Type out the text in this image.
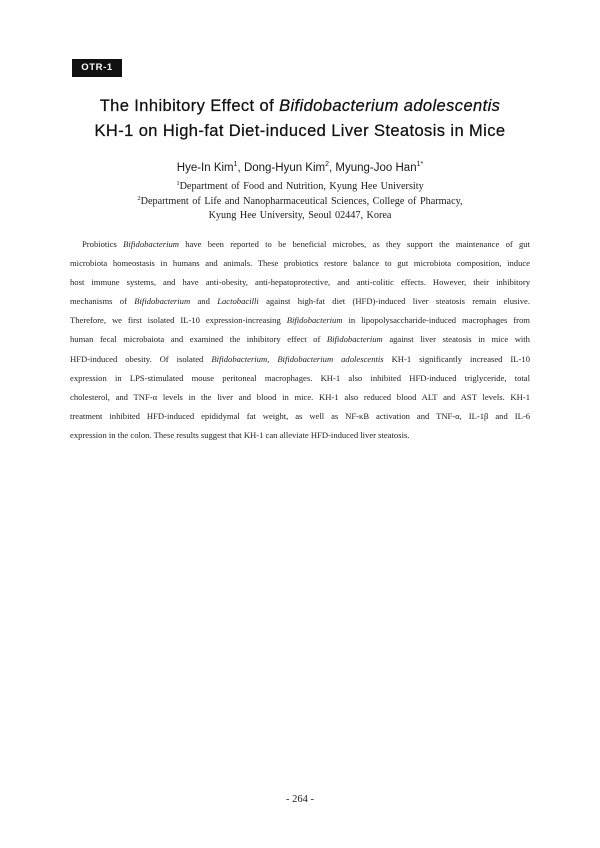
OTR-1
The Inhibitory Effect of Bifidobacterium adolescentis
KH-1 on High-fat Diet-induced Liver Steatosis in Mice
Hye-In Kim$^1$, Dong-Hyun Kim$^2$, Myung-Joo Han$^{1*}$
$^1$Department of Food and Nutrition, Kyung Hee University
$^2$Department of Life and Nanopharmaceutical Sciences, College of Pharmacy,
Kyung Hee University, Seoul 02447, Korea
Probiotics Bifidobacterium have been reported to be beneficial microbes, as they support the maintenance of gut
microbiota homeostasis in humans and animals. These probiotics restore balance to gut microbiota composition, induce
host immune systems, and have anti-obesity, anti-hepatoprotective, and anti-colitic effects. However, their inhibitory
mechanisms of Bifidobacterium and Lactobacilli against high-fat diet (HFD)-induced liver steatosis remain elusive.
Therefore, we first isolated IL-10 expression-increasing Bifidobacterium in lipopolysaccharide-induced macrophages from
human fecal microbaiota and examined the inhibitory effect of Bifidobacterium against liver steatosis in mice with
HFD-induced obesity. Of isolated Bifidobacterium, Bifidobacterium adolescentis KH-1 significantly increased IL-10
expression in LPS-stimulated mouse peritoneal macrophages. KH-1 also inhibited HFD-induced triglyceride, total
cholesterol, and TNF-α levels in the liver and blood in mice. KH-1 also reduced blood ALT and AST levels. KH-1
treatment inhibited HFD-induced epididymal fat weight, as well as NF-κB activation and TNF-α, IL-1β and IL-6
expression in the colon. These results suggest that KH-1 can alleviate HFD-induced liver steatosis.
- 264 -
